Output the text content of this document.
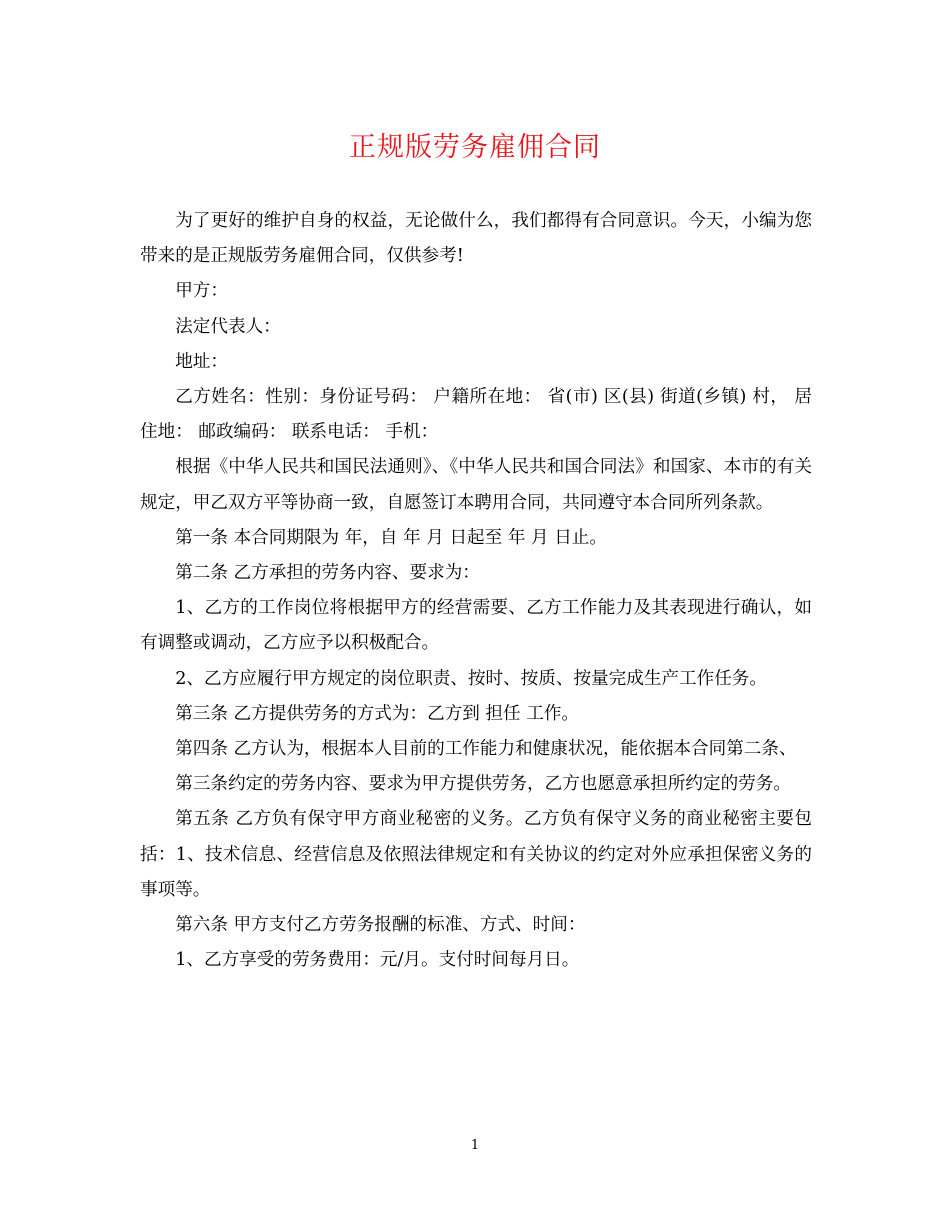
正规版劳务雇佣合同

为了更好的维护自身的权益，无论做什么，我们都得有合同意识。今天，小编为您带来的是正规版劳务雇佣合同，仅供参考!

甲方：

法定代表人：

地址：

乙方姓名：性别：身份证号码： 户籍所在地： 省(市) 区(县) 街道(乡镇) 村， 居住地： 邮政编码： 联系电话： 手机：

根据《中华人民共和国民法通则》、《中华人民共和国合同法》和国家、本市的有关规定，甲乙双方平等协商一致，自愿签订本聘用合同，共同遵守本合同所列条款。

第一条 本合同期限为 年，自 年 月 日起至 年 月 日止。

第二条 乙方承担的劳务内容、要求为：

1、乙方的工作岗位将根据甲方的经营需要、乙方工作能力及其表现进行确认，如有调整或调动，乙方应予以积极配合。

2、乙方应履行甲方规定的岗位职责、按时、按质、按量完成生产工作任务。

第三条 乙方提供劳务的方式为：乙方到 担任 工作。

第四条 乙方认为，根据本人目前的工作能力和健康状况，能依据本合同第二条、

第三条约定的劳务内容、要求为甲方提供劳务，乙方也愿意承担所约定的劳务。

第五条 乙方负有保守甲方商业秘密的义务。乙方负有保守义务的商业秘密主要包括：1、技术信息、经营信息及依照法律规定和有关协议的约定对外应承担保密义务的事项等。

第六条 甲方支付乙方劳务报酬的标准、方式、时间：

1、乙方享受的劳务费用：元/月。支付时间每月日。

1
